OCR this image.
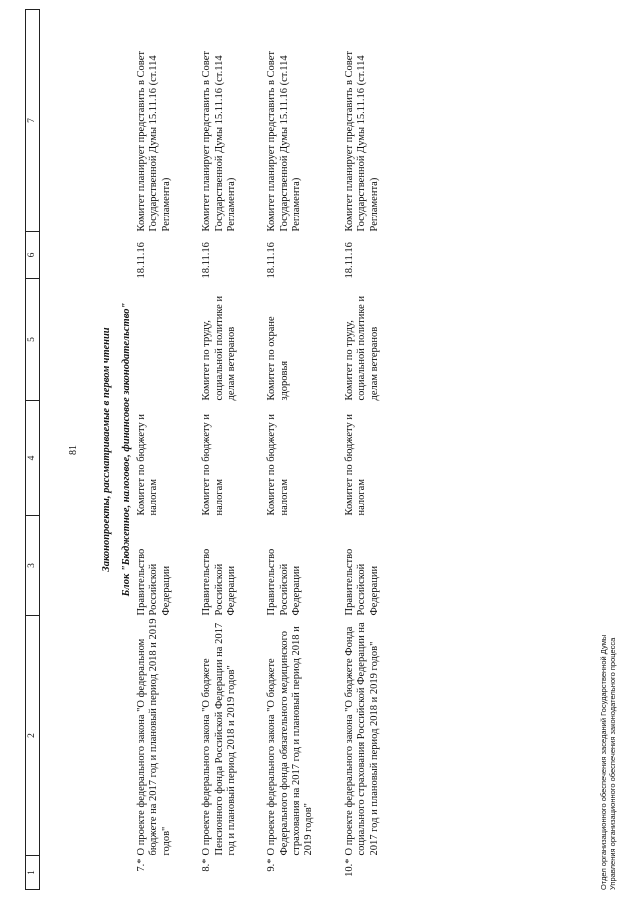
1	2	3	4	5	6	7
Законопроекты, рассматриваемые в первом чтении						
Блок "Бюджетное, налоговое, финансовое законодательство"						
7.*	О проекте федерального закона "О федеральном бюджете на 2017 год и плановый период 2018 и 2019 годов"	Правительство Российской Федерации	Комитет по бюджету и налогам		18.11.16	Комитет планирует представить в Совет Государственной Думы 15.11.16 (ст.114 Регламента)
8.*	О проекте федерального закона "О бюджете Пенсионного фонда Российской Федерации на 2017 год и плановый период 2018 и 2019 годов"	Правительство Российской Федерации	Комитет по бюджету и налогам	Комитет по труду, социальной политике и делам ветеранов	18.11.16	Комитет планирует представить в Совет Государственной Думы 15.11.16 (ст.114 Регламента)
9.*	О проекте федерального закона "О бюджете Федерального фонда обязательного медицинского страхования на 2017 год и плановый период 2018 и 2019 годов"	Правительство Российской Федерации	Комитет по бюджету и налогам	Комитет по охране здоровья	18.11.16	Комитет планирует представить в Совет Государственной Думы 15.11.16 (ст.114 Регламента)
10.*	О проекте федерального закона "О бюджете Фонда социального страхования Российской Федерации на 2017 год и плановый период 2018 и 2019 годов"	Правительство Российской Федерации	Комитет по бюджету и налогам	Комитет по труду, социальной политике и делам ветеранов	18.11.16	Комитет планирует представить в Совет Государственной Думы 15.11.16 (ст.114 Регламента)
81
Отдел организационного обеспечения заседаний Государственной Думы Управления организационного обеспечения законодательного процесса
